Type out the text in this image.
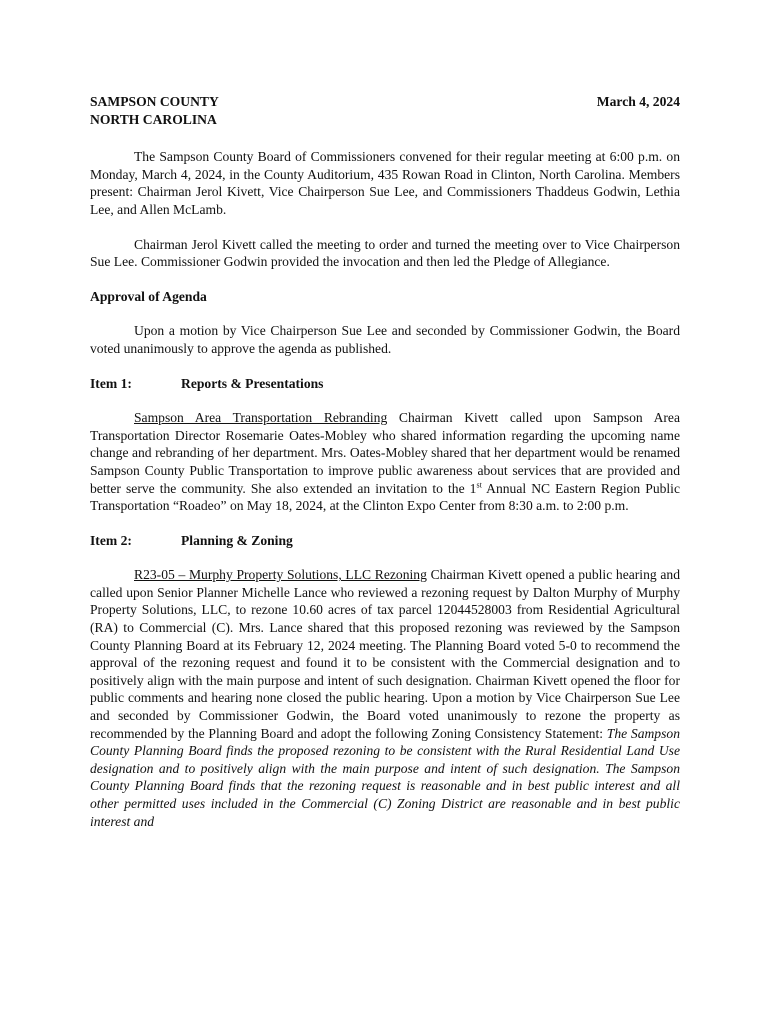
SAMPSON COUNTY
NORTH CAROLINA
March 4, 2024

The Sampson County Board of Commissioners convened for their regular meeting at 6:00 p.m. on Monday, March 4, 2024, in the County Auditorium, 435 Rowan Road in Clinton, North Carolina. Members present: Chairman Jerol Kivett, Vice Chairperson Sue Lee, and Commissioners Thaddeus Godwin, Lethia Lee, and Allen McLamb.

Chairman Jerol Kivett called the meeting to order and turned the meeting over to Vice Chairperson Sue Lee. Commissioner Godwin provided the invocation and then led the Pledge of Allegiance.

Approval of Agenda

Upon a motion by Vice Chairperson Sue Lee and seconded by Commissioner Godwin, the Board voted unanimously to approve the agenda as published.

Item 1:	Reports & Presentations

Sampson Area Transportation Rebranding Chairman Kivett called upon Sampson Area Transportation Director Rosemarie Oates-Mobley who shared information regarding the upcoming name change and rebranding of her department. Mrs. Oates-Mobley shared that her department would be renamed Sampson County Public Transportation to improve public awareness about services that are provided and better serve the community. She also extended an invitation to the 1st Annual NC Eastern Region Public Transportation “Roadeo” on May 18, 2024, at the Clinton Expo Center from 8:30 a.m. to 2:00 p.m.

Item 2:	Planning & Zoning

R23-05 – Murphy Property Solutions, LLC Rezoning Chairman Kivett opened a public hearing and called upon Senior Planner Michelle Lance who reviewed a rezoning request by Dalton Murphy of Murphy Property Solutions, LLC, to rezone 10.60 acres of tax parcel 12044528003 from Residential Agricultural (RA) to Commercial (C). Mrs. Lance shared that this proposed rezoning was reviewed by the Sampson County Planning Board at its February 12, 2024 meeting. The Planning Board voted 5-0 to recommend the approval of the rezoning request and found it to be consistent with the Commercial designation and to positively align with the main purpose and intent of such designation. Chairman Kivett opened the floor for public comments and hearing none closed the public hearing. Upon a motion by Vice Chairperson Sue Lee and seconded by Commissioner Godwin, the Board voted unanimously to rezone the property as recommended by the Planning Board and adopt the following Zoning Consistency Statement: The Sampson County Planning Board finds the proposed rezoning to be consistent with the Rural Residential Land Use designation and to positively align with the main purpose and intent of such designation. The Sampson County Planning Board finds that the rezoning request is reasonable and in best public interest and all other permitted uses included in the Commercial (C) Zoning District are reasonable and in best public interest and
